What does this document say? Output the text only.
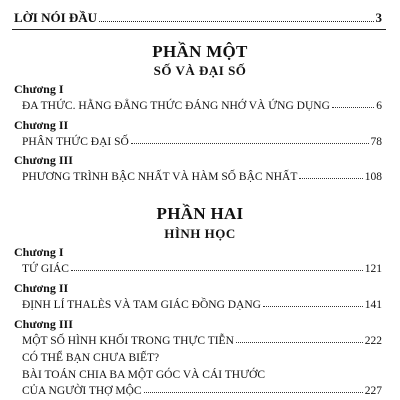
LỜI NÓI ĐẦU	3
PHẦN MỘT
SỐ VÀ ĐẠI SỐ
Chương I
ĐA THỨC. HẰNG ĐẲNG THỨC ĐÁNG NHỚ VÀ ỨNG DỤNG	6
Chương II
PHÂN THỨC ĐẠI SỐ	78
Chương III
PHƯƠNG TRÌNH BẬC NHẤT VÀ HÀM SỐ BẬC NHẤT	108
PHẦN HAI
HÌNH HỌC
Chương I
TỨ GIÁC	121
Chương II
ĐỊNH LÍ THALÈS VÀ TAM GIÁC ĐỒNG DẠNG	141
Chương III
MỘT SỐ HÌNH KHỐI TRONG THỰC TIỄN	222
CÓ THỂ BẠN CHƯA BIẾT?
BÀI TOÁN CHIA BA MỘT GÓC VÀ CÁI THƯỚC
CỦA NGƯỜI THỢ MỘC	227
